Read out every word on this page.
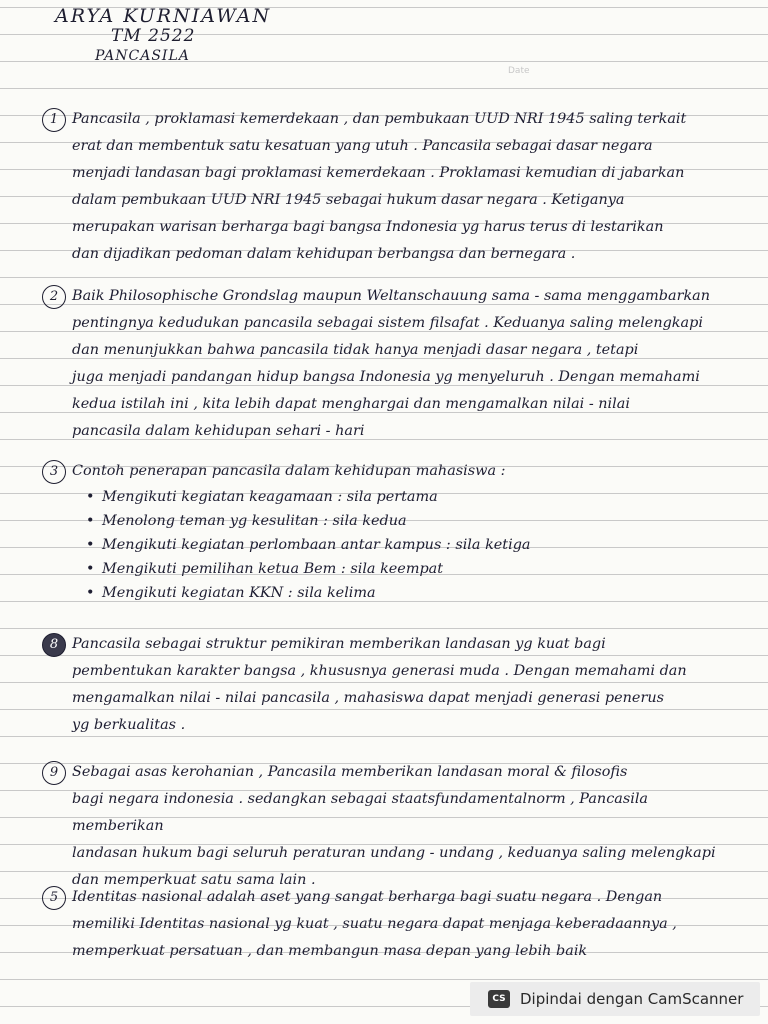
ARYA KURNIAWAN
TM 2522
PANCASILA
Date
1 Pancasila , proklamasi kemerdekaan , dan pembukaan UUD NRI 1945 saling terkait
erat dan membentuk satu kesatuan yang utuh . Pancasila sebagai dasar negara
menjadi landasan bagi proklamasi kemerdekaan . Proklamasi kemudian di jabarkan
dalam pembukaan UUD NRI 1945 sebagai hukum dasar negara . Ketiganya
merupakan warisan berharga bagi bangsa Indonesia yg harus terus di lestarikan
dan dijadikan pedoman dalam kehidupan berbangsa dan bernegara .
2 Baik Philosophische Grondslag maupun Weltanschauung sama - sama menggambarkan
pentingnya kedudukan pancasila sebagai sistem filsafat . Keduanya saling melengkapi
dan menunjukkan bahwa pancasila tidak hanya menjadi dasar negara , tetapi
juga menjadi pandangan hidup bangsa Indonesia yg menyeluruh . Dengan memahami
kedua istilah ini , kita lebih dapat menghargai dan mengamalkan nilai - nilai
pancasila dalam kehidupan sehari - hari
3 Contoh penerapan pancasila dalam kehidupan mahasiswa :
• Mengikuti kegiatan keagamaan : sila pertama
• Menolong teman yg kesulitan : sila kedua
• Mengikuti kegiatan perlombaan antar kampus : sila ketiga
• Mengikuti pemilihan ketua Bem : sila keempat
• Mengikuti kegiatan KKN : sila kelima
8 Pancasila sebagai struktur pemikiran memberikan landasan yg kuat bagi
pembentukan karakter bangsa , khususnya generasi muda . Dengan memahami dan
mengamalkan nilai - nilai pancasila , mahasiswa dapat menjadi generasi penerus
yg berkualitas .
9 Sebagai asas kerohanian , Pancasila memberikan landasan moral & filosofis
bagi negara indonesia . sedangkan sebagai staatsfundamentalnorm , Pancasila memberikan
landasan hukum bagi seluruh peraturan undang - undang , keduanya saling melengkapi
dan memperkuat satu sama lain .
5 Identitas nasional adalah aset yang sangat berharga bagi suatu negara . Dengan
memiliki Identitas nasional yg kuat , suatu negara dapat menjaga keberadaannya ,
memperkuat persatuan , dan membangun masa depan yang lebih baik
CS Dipindai dengan CamScanner
